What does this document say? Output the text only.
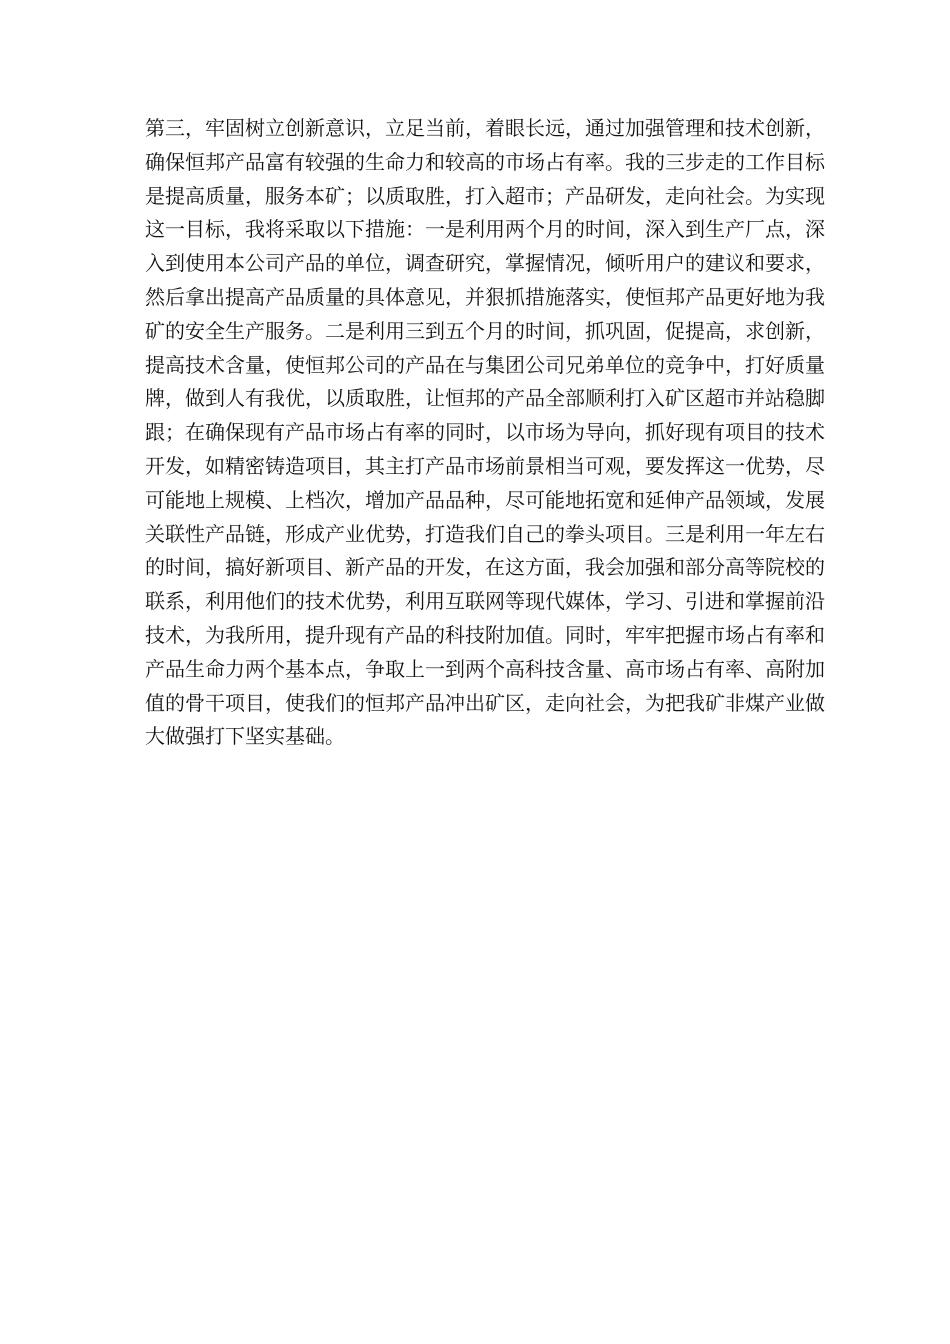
第三，牢固树立创新意识，立足当前，着眼长远，通过加强管理和技术创新，
确保恒邦产品富有较强的生命力和较高的市场占有率。我的三步走的工作目标
是提高质量，服务本矿；以质取胜，打入超市；产品研发，走向社会。为实现
这一目标，我将采取以下措施：一是利用两个月的时间，深入到生产厂点，深
入到使用本公司产品的单位，调查研究，掌握情况，倾听用户的建议和要求，
然后拿出提高产品质量的具体意见，并狠抓措施落实，使恒邦产品更好地为我
矿的安全生产服务。二是利用三到五个月的时间，抓巩固，促提高，求创新，
提高技术含量，使恒邦公司的产品在与集团公司兄弟单位的竞争中，打好质量
牌，做到人有我优，以质取胜，让恒邦的产品全部顺利打入矿区超市并站稳脚
跟；在确保现有产品市场占有率的同时，以市场为导向，抓好现有项目的技术
开发，如精密铸造项目，其主打产品市场前景相当可观，要发挥这一优势，尽
可能地上规模、上档次，增加产品品种，尽可能地拓宽和延伸产品领域，发展
关联性产品链，形成产业优势，打造我们自己的拳头项目。三是利用一年左右
的时间，搞好新项目、新产品的开发，在这方面，我会加强和部分高等院校的
联系，利用他们的技术优势，利用互联网等现代媒体，学习、引进和掌握前沿
技术，为我所用，提升现有产品的科技附加值。同时，牢牢把握市场占有率和
产品生命力两个基本点，争取上一到两个高科技含量、高市场占有率、高附加
值的骨干项目，使我们的恒邦产品冲出矿区，走向社会，为把我矿非煤产业做
大做强打下坚实基础。
